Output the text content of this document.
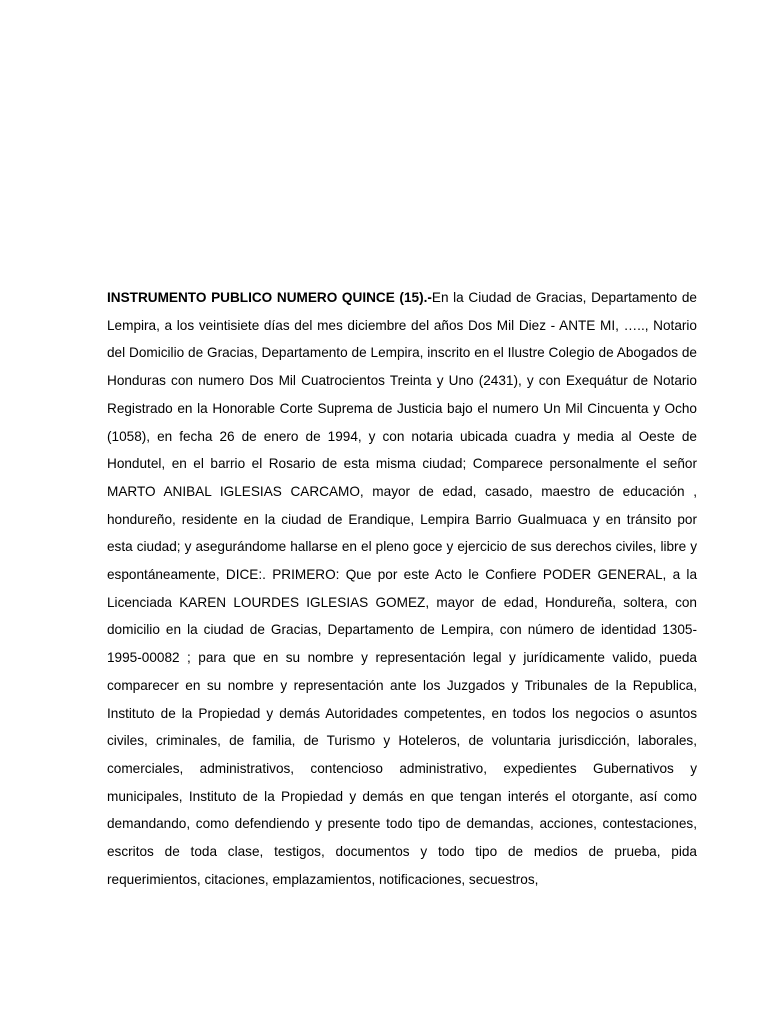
INSTRUMENTO PUBLICO NUMERO QUINCE (15).-En la Ciudad de Gracias, Departamento de Lempira, a los veintisiete días del mes diciembre del años Dos Mil Diez - ANTE MI, ….., Notario del Domicilio de Gracias, Departamento de Lempira, inscrito en el Ilustre Colegio de Abogados de Honduras con numero Dos Mil Cuatrocientos Treinta y Uno (2431), y con Exequátur de Notario Registrado en la Honorable Corte Suprema de Justicia bajo el numero Un Mil Cincuenta y Ocho (1058), en fecha 26 de enero de 1994, y con notaria ubicada cuadra y media al Oeste de Hondutel, en el barrio el Rosario de esta misma ciudad; Comparece personalmente el señor MARTO ANIBAL IGLESIAS CARCAMO, mayor de edad, casado, maestro de educación , hondureño, residente en la ciudad de Erandique, Lempira Barrio Gualmuaca y en tránsito por esta ciudad; y asegurándome hallarse en el pleno goce y ejercicio de sus derechos civiles, libre y espontáneamente, DICE:. PRIMERO: Que por este Acto le Confiere PODER GENERAL, a la Licenciada KAREN LOURDES IGLESIAS GOMEZ, mayor de edad, Hondureña, soltera, con domicilio en la ciudad de Gracias, Departamento de Lempira, con número de identidad 1305-1995-00082 ; para que en su nombre y representación legal y jurídicamente valido, pueda comparecer en su nombre y representación ante los Juzgados y Tribunales de la Republica, Instituto de la Propiedad y demás Autoridades competentes, en todos los negocios o asuntos civiles, criminales, de familia, de Turismo y Hoteleros, de voluntaria jurisdicción, laborales, comerciales, administrativos, contencioso administrativo, expedientes Gubernativos y municipales, Instituto de la Propiedad y demás en que tengan interés el otorgante, así como demandando, como defendiendo y presente todo tipo de demandas, acciones, contestaciones, escritos de toda clase, testigos, documentos y todo tipo de medios de prueba, pida requerimientos, citaciones, emplazamientos, notificaciones, secuestros,
